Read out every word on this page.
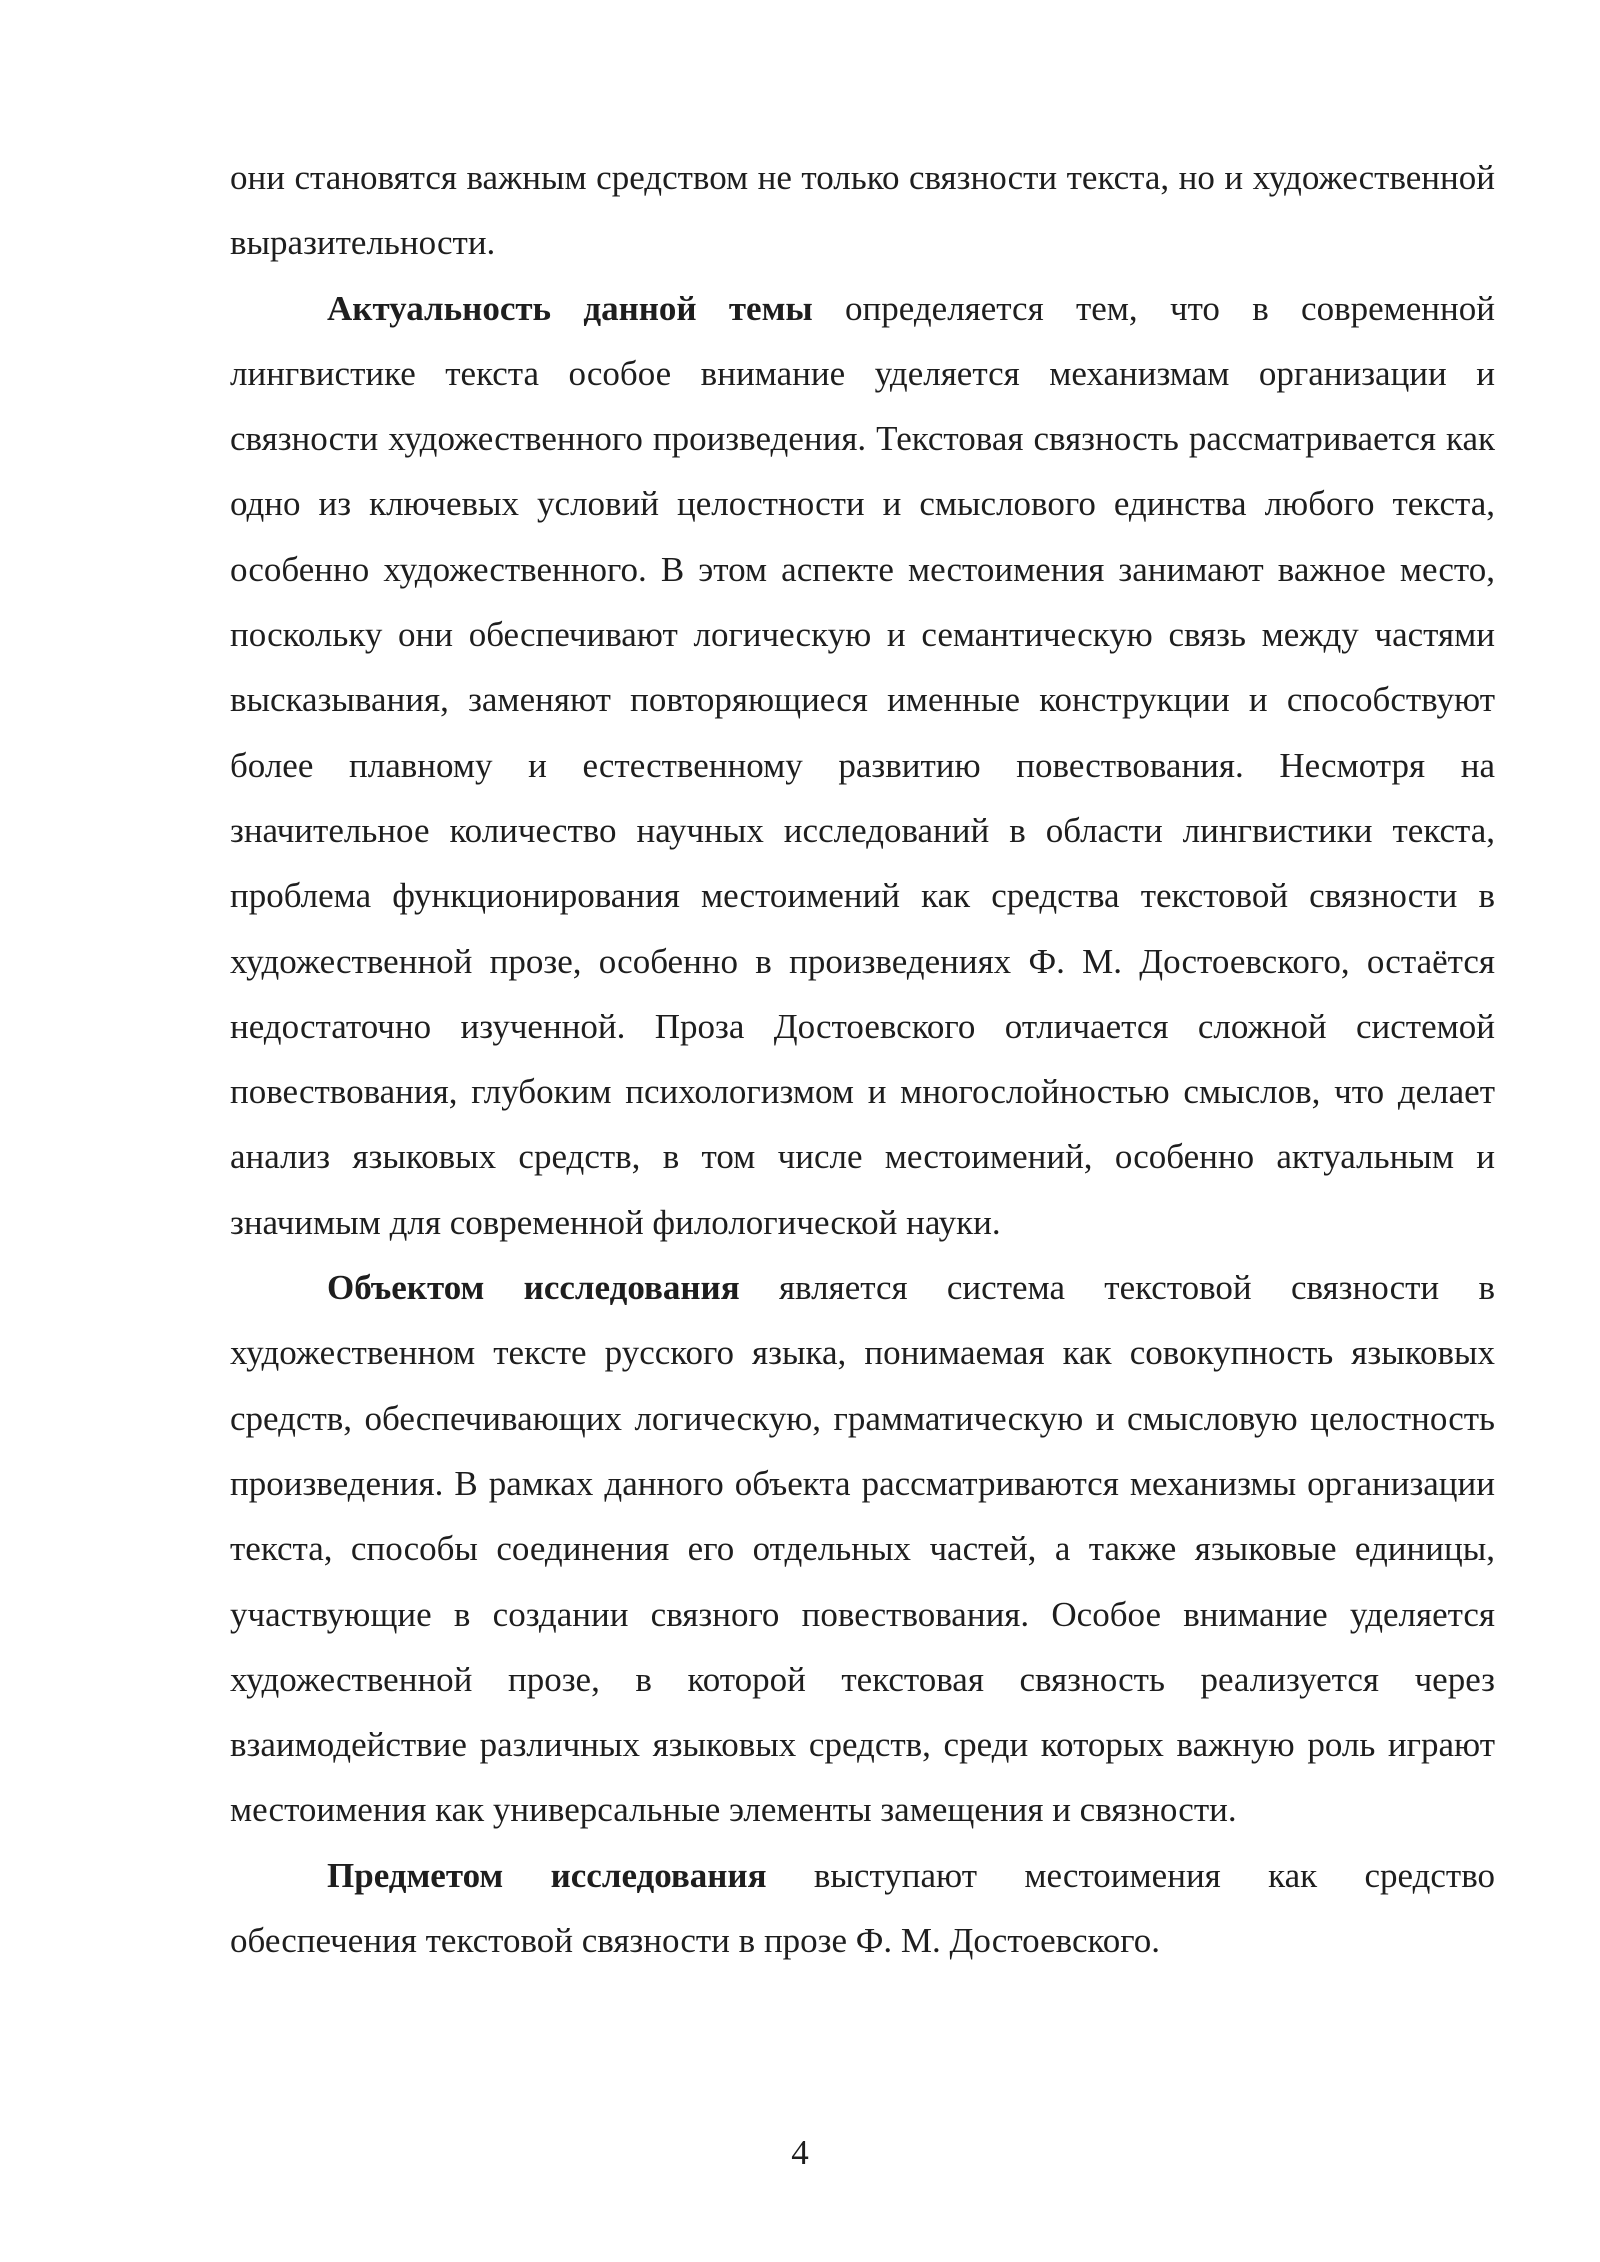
они становятся важным средством не только связности текста, но и художественной выразительности.

Актуальность данной темы определяется тем, что в современной лингвистике текста особое внимание уделяется механизмам организации и связности художественного произведения. Текстовая связность рассматривается как одно из ключевых условий целостности и смыслового единства любого текста, особенно художественного. В этом аспекте местоимения занимают важное место, поскольку они обеспечивают логическую и семантическую связь между частями высказывания, заменяют повторяющиеся именные конструкции и способствуют более плавному и естественному развитию повествования. Несмотря на значительное количество научных исследований в области лингвистики текста, проблема функционирования местоимений как средства текстовой связности в художественной прозе, особенно в произведениях Ф. М. Достоевского, остаётся недостаточно изученной. Проза Достоевского отличается сложной системой повествования, глубоким психологизмом и многослойностью смыслов, что делает анализ языковых средств, в том числе местоимений, особенно актуальным и значимым для современной филологической науки.

Объектом исследования является система текстовой связности в художественном тексте русского языка, понимаемая как совокупность языковых средств, обеспечивающих логическую, грамматическую и смысловую целостность произведения. В рамках данного объекта рассматриваются механизмы организации текста, способы соединения его отдельных частей, а также языковые единицы, участвующие в создании связного повествования. Особое внимание уделяется художественной прозе, в которой текстовая связность реализуется через взаимодействие различных языковых средств, среди которых важную роль играют местоимения как универсальные элементы замещения и связности.

Предметом исследования выступают местоимения как средство обеспечения текстовой связности в прозе Ф. М. Достоевского.

4
